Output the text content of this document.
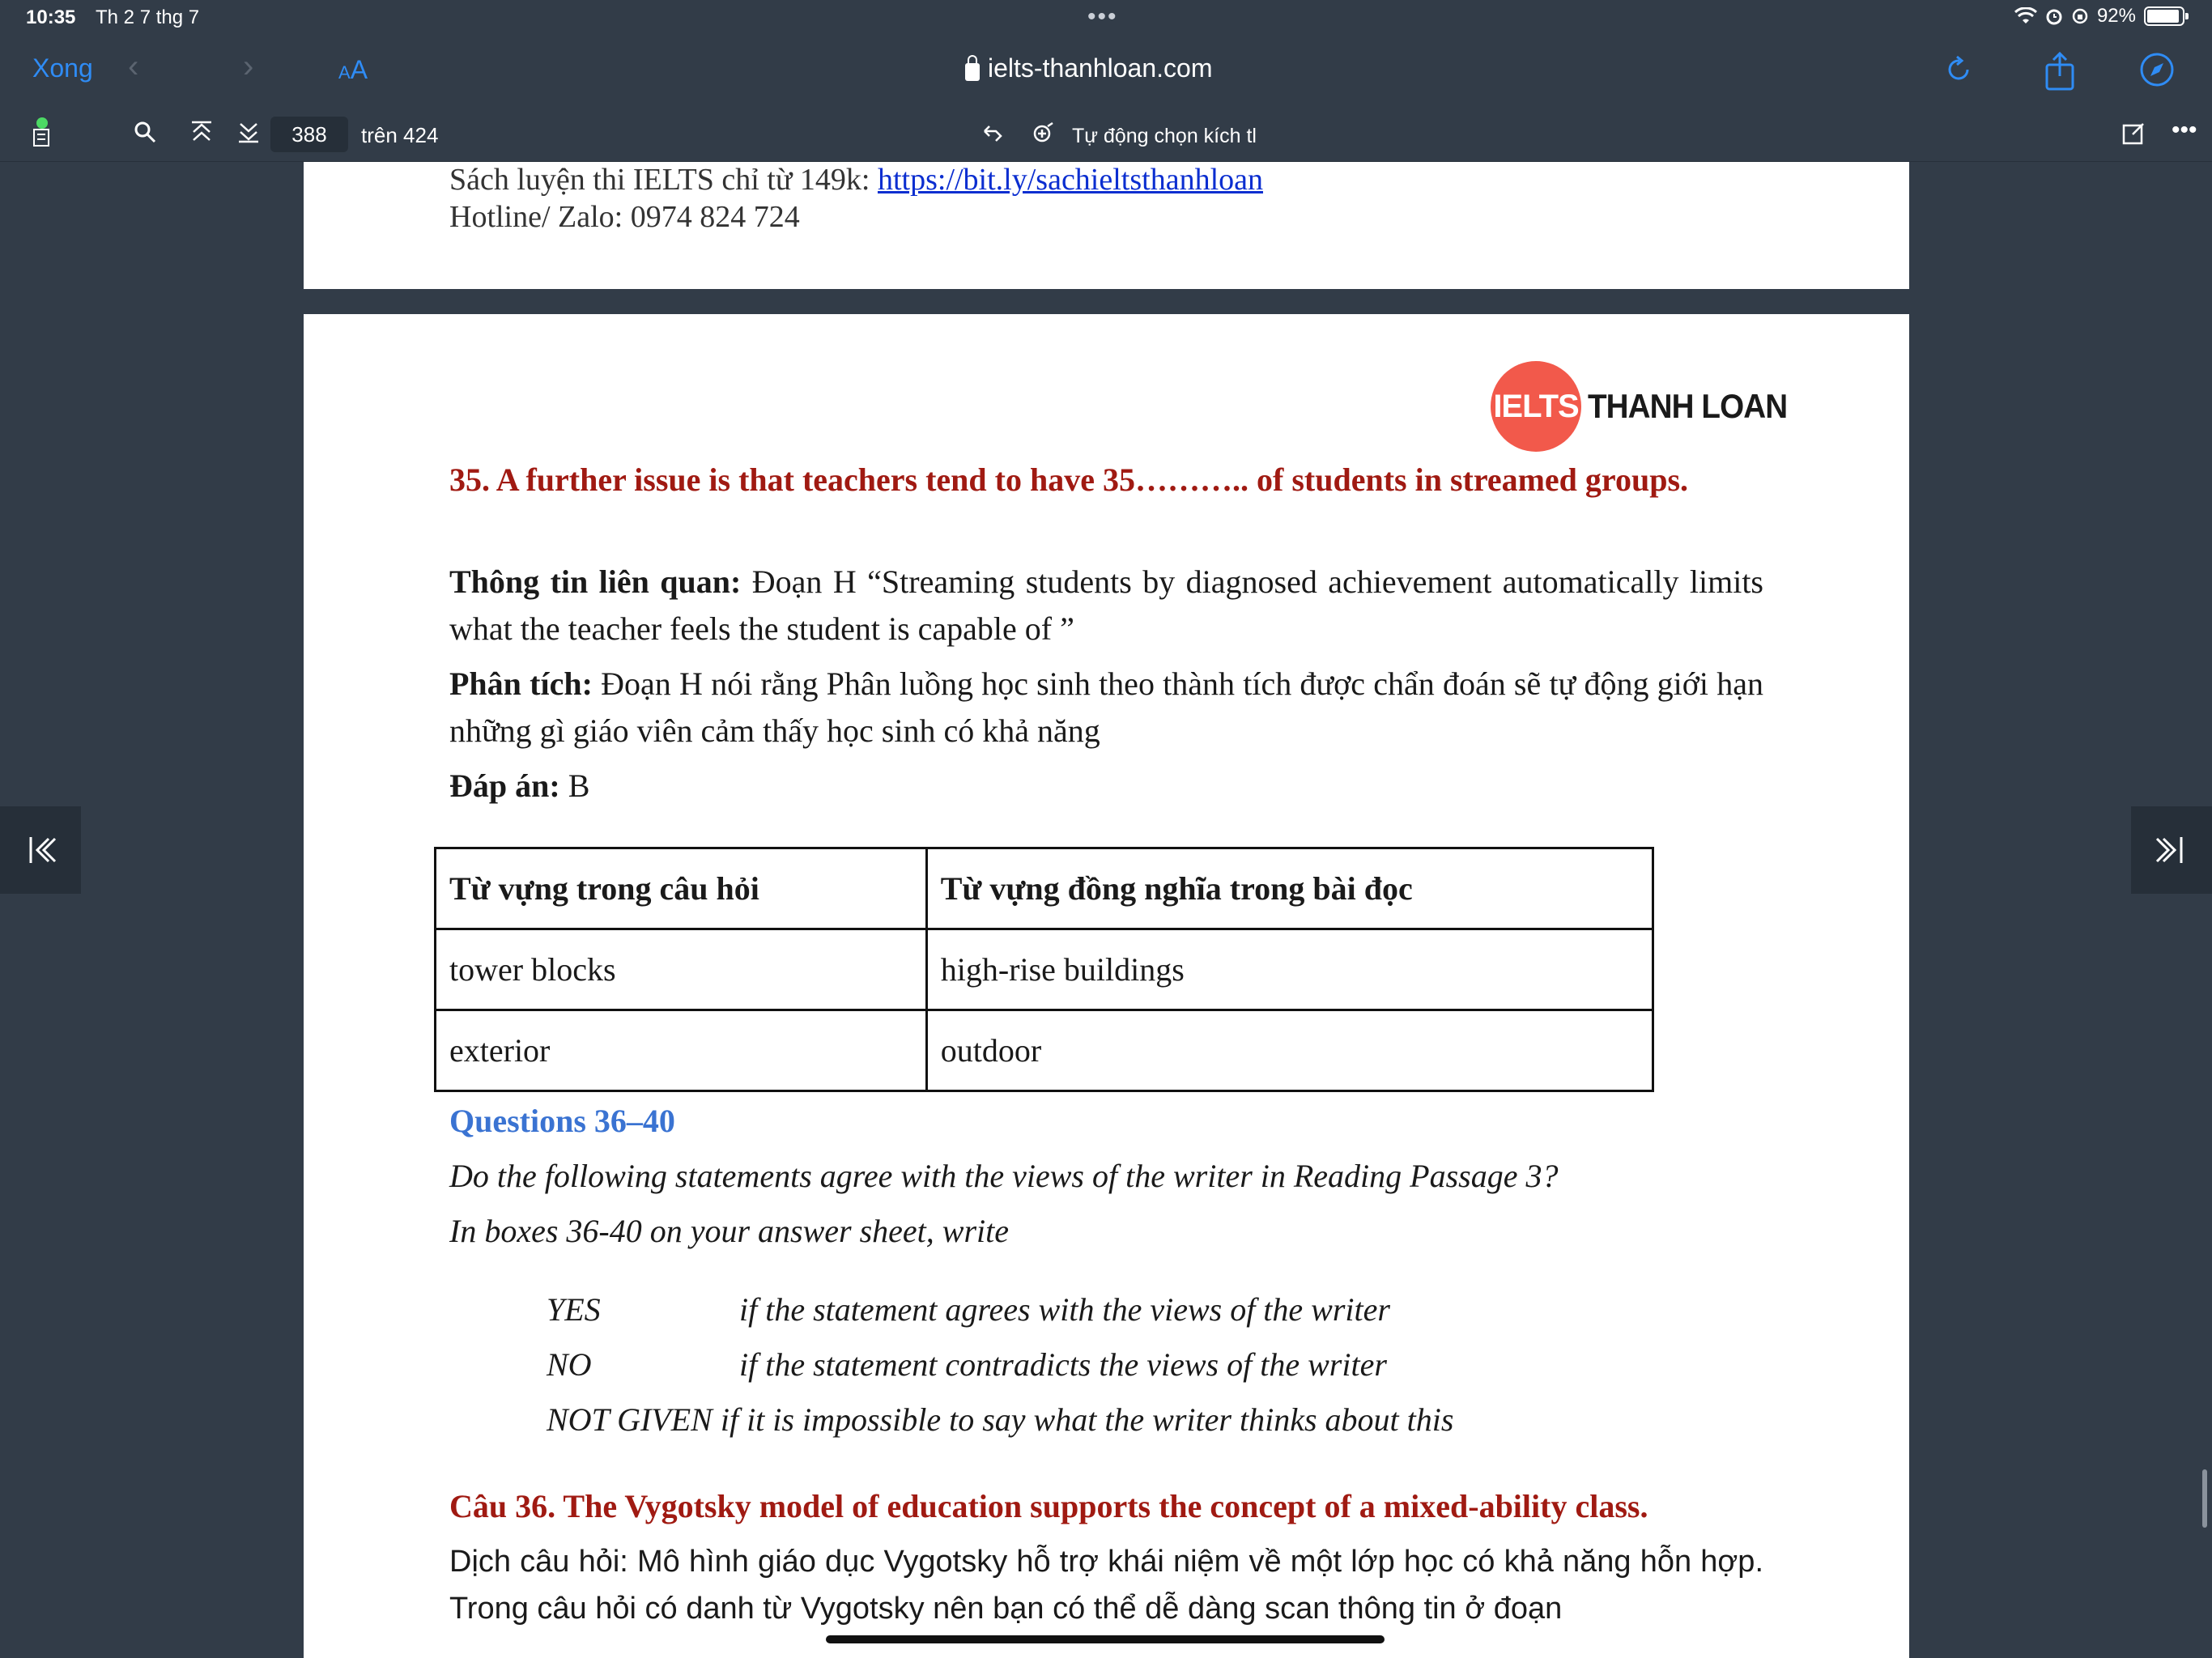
10:35 Th 2 7 thg 7	•••	92%
Xong ‹	›	AA	ielts-thanhloan.com
388	trên 424	Tự động chọn kích tl	•••
Sách luyện thi IELTS chỉ từ 149k: https://bit.ly/sachieltsthanhloan
Hotline/ Zalo: 0974 824 724
IELTS THANH LOAN
35. A further issue is that teachers tend to have 35……….. of students in streamed groups.
Thông tin liên quan: Đoạn H “Streaming students by diagnosed achievement automatically limits what the teacher feels the student is capable of ”
Phân tích: Đoạn H nói rằng Phân luồng học sinh theo thành tích được chẩn đoán sẽ tự động giới hạn những gì giáo viên cảm thấy học sinh có khả năng
Đáp án: B
Từ vựng trong câu hỏi	Từ vựng đồng nghĩa trong bài đọc
tower blocks	high-rise buildings
exterior	outdoor
Questions 36–40
Do the following statements agree with the views of the writer in Reading Passage 3?
In boxes 36-40 on your answer sheet, write
YES	if the statement agrees with the views of the writer
NO	if the statement contradicts the views of the writer
NOT GIVEN if it is impossible to say what the writer thinks about this
Câu 36. The Vygotsky model of education supports the concept of a mixed-ability class.
Dịch câu hỏi: Mô hình giáo dục Vygotsky hỗ trợ khái niệm về một lớp học có khả năng hỗn hợp. Trong câu hỏi có danh từ Vygotsky nên bạn có thể dễ dàng scan thông tin ở đoạn
